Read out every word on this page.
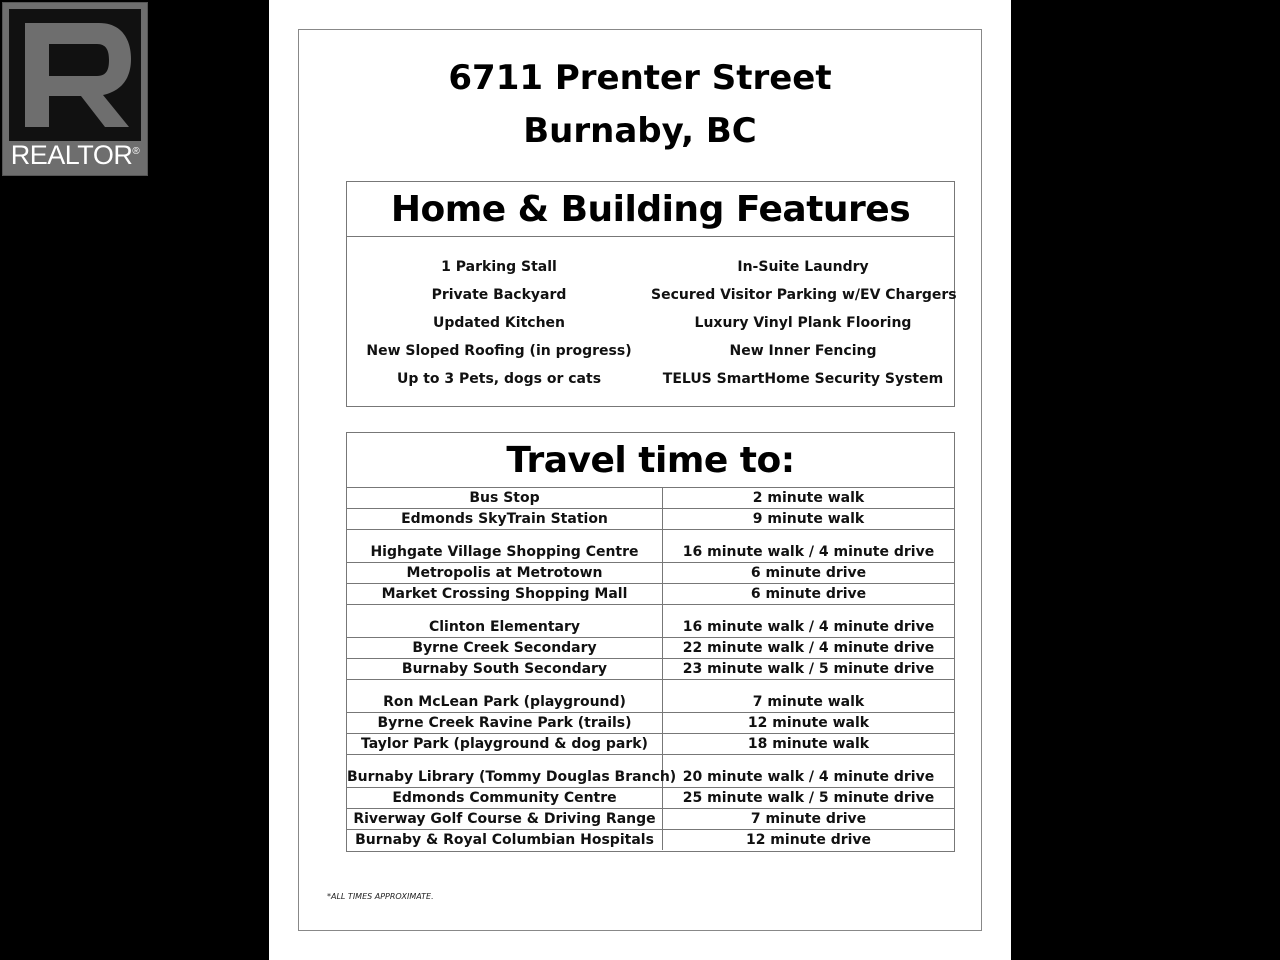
REALTOR®
6711 Prenter Street
Burnaby, BC
Home & Building Features
1 Parking Stall	In-Suite Laundry
Private Backyard	Secured Visitor Parking w/EV Chargers
Updated Kitchen	Luxury Vinyl Plank Flooring
New Sloped Roofing (in progress)	New Inner Fencing
Up to 3 Pets, dogs or cats	TELUS SmartHome Security System
Travel time to:
Bus Stop	2 minute walk
Edmonds SkyTrain Station	9 minute walk
Highgate Village Shopping Centre	16 minute walk / 4 minute drive
Metropolis at Metrotown	6 minute drive
Market Crossing Shopping Mall	6 minute drive
Clinton Elementary	16 minute walk / 4 minute drive
Byrne Creek Secondary	22 minute walk / 4 minute drive
Burnaby South Secondary	23 minute walk / 5 minute drive
Ron McLean Park (playground)	7 minute walk
Byrne Creek Ravine Park (trails)	12 minute walk
Taylor Park (playground & dog park)	18 minute walk
Burnaby Library (Tommy Douglas Branch) 20 minute walk / 4 minute drive
Edmonds Community Centre	25 minute walk / 5 minute drive
Riverway Golf Course & Driving Range	7 minute drive
Burnaby & Royal Columbian Hospitals	12 minute drive
*ALL TIMES APPROXIMATE.
